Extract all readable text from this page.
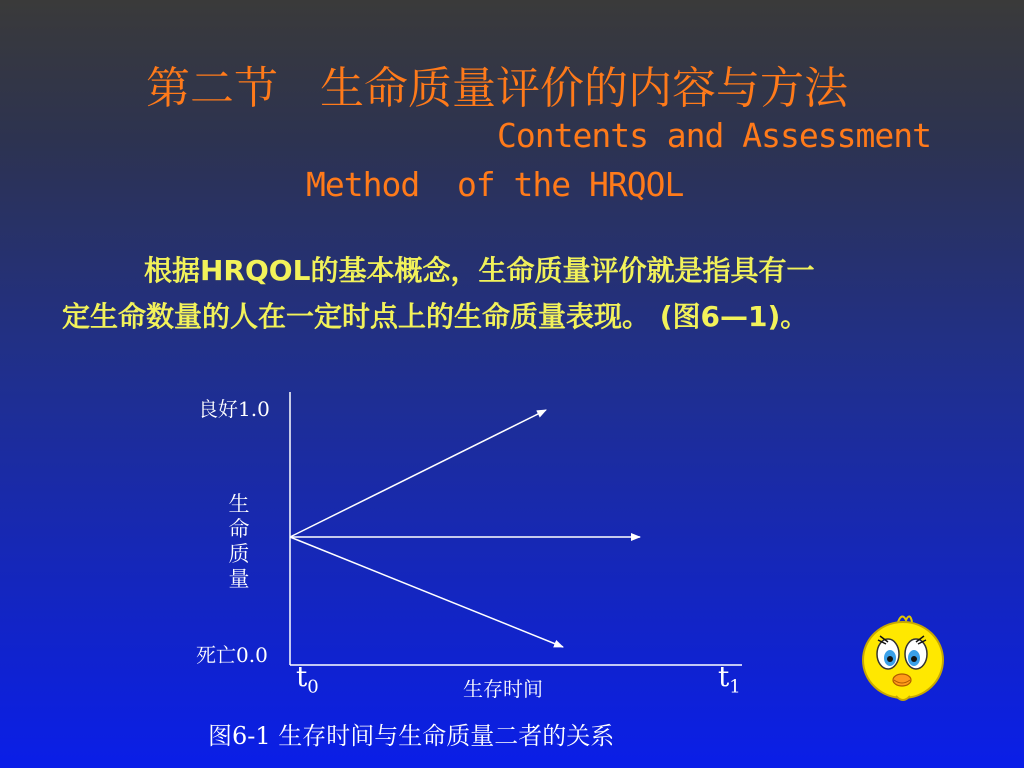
第二节   生命质量评价的内容与方法
Contents and Assessment
Method  of the HRQOL
根据HRQOL的基本概念，生命质量评价就是指具有一
定生命数量的人在一定时点上的生命质量表现。 (图6—1)。
良好1.0
死亡0.0
生
命
质
量
$t_0$	生存时间	$t_1$
图6-1 生存时间与生命质量二者的关系
